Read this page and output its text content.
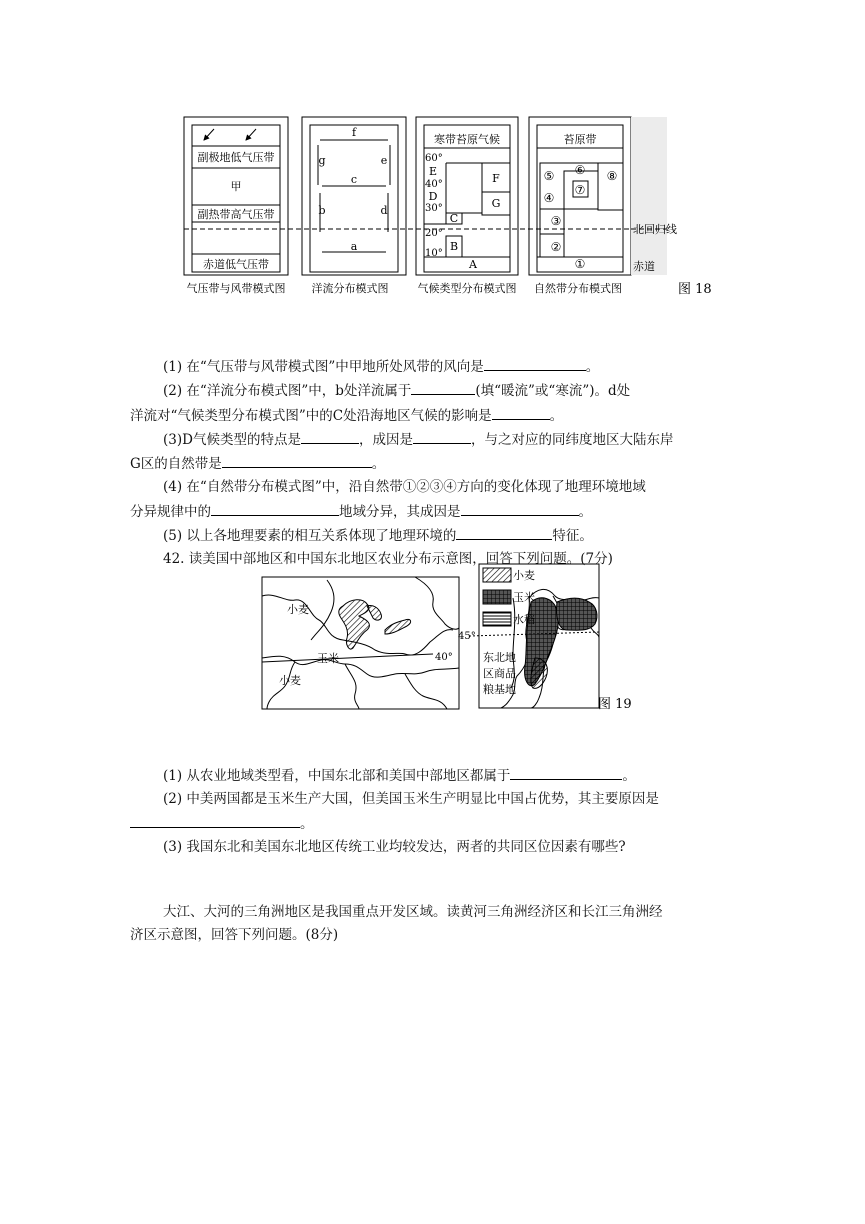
副极地低气压带
甲
副热带高气压带
赤道低气压带
f
g	e
c
b	d
a
寒带苔原气候
60°
E
40°
D
30°
F
G
C
20°
B
10°
A
苔原带
⑤ ⑥ ⑧
⑦
④
③
②
①
北回归线
赤道
气压带与风带模式图 洋流分布模式图	气候类型分布模式图 自然带分布模式图	图 18

(1) 在“气压带与风带模式图”中甲地所处风带的风向是	。

(2) 在“洋流分布模式图”中，b处洋流属于	(填“暖流”或“寒流”)。d处

洋流对“气候类型分布模式图”中的C处沿海地区气候的影响是	。

(3)D气候类型的特点是	，成因是	，与之对应的同纬度地区大陆东岸

G区的自然带是	。

(4) 在“自然带分布模式图”中，沿自然带①②③④方向的变化体现了地理环境地域

分异规律中的	地域分异，其成因是	。

(5) 以上各地理要素的相互关系体现了地理环境的	特征。

42. 读美国中部地区和中国东北地区农业分布示意图，回答下列问题。(7分)

小麦
玉米
小麦
40°
45°
小麦
玉米
水稻
东北地
区商品
粮基地
图 19

(1) 从农业地域类型看，中国东北部和美国中部地区都属于	。

(2) 中美两国都是玉米生产大国，但美国玉米生产明显比中国占优势，其主要原因是

。

(3) 我国东北和美国东北地区传统工业均较发达，两者的共同区位因素有哪些?

大江、大河的三角洲地区是我国重点开发区域。读黄河三角洲经济区和长江三角洲经

济区示意图，回答下列问题。(8分)
